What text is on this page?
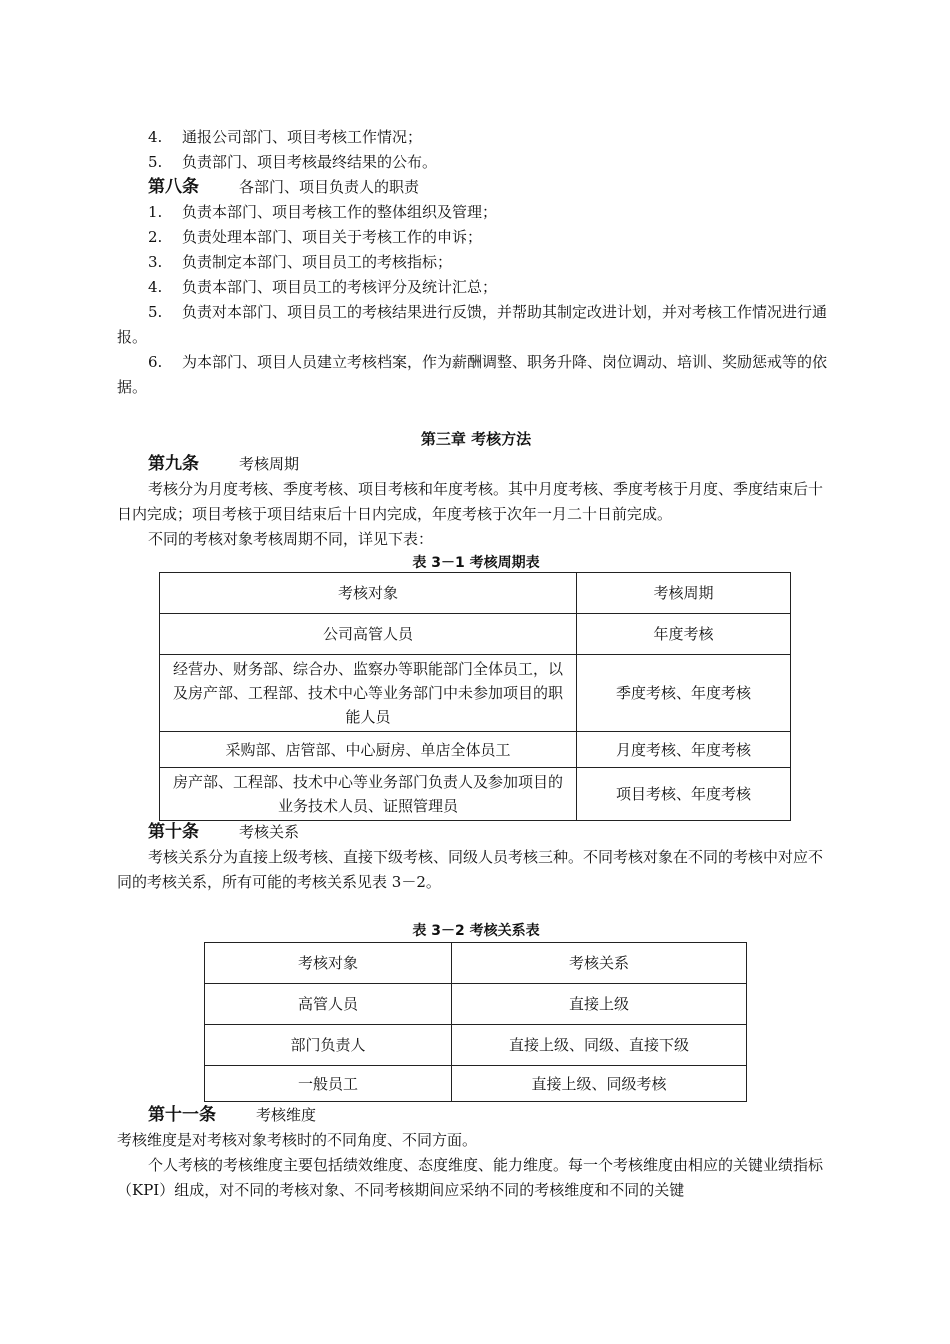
4. 通报公司部门、项目考核工作情况；
5. 负责部门、项目考核最终结果的公布。
第八条	各部门、项目负责人的职责
1. 负责本部门、项目考核工作的整体组织及管理；
2. 负责处理本部门、项目关于考核工作的申诉；
3. 负责制定本部门、项目员工的考核指标；
4. 负责本部门、项目员工的考核评分及统计汇总；
5. 负责对本部门、项目员工的考核结果进行反馈，并帮助其制定改进计划，并对考核工作情况进行通报。
6. 为本部门、项目人员建立考核档案，作为薪酬调整、职务升降、岗位调动、培训、奖励惩戒等的依据。
第三章 考核方法
第九条	考核周期
考核分为月度考核、季度考核、项目考核和年度考核。其中月度考核、季度考核于月度、季度结束后十日内完成；项目考核于项目结束后十日内完成，年度考核于次年一月二十日前完成。
不同的考核对象考核周期不同，详见下表：
表 3－1 考核周期表
考核对象	考核周期
公司高管人员	年度考核
经营办、财务部、综合办、监察办等职能部门全体员工，以及房产部、工程部、技术中心等业务部门中未参加项目的职能人员	季度考核、年度考核
采购部、店管部、中心厨房、单店全体员工	月度考核、年度考核
房产部、工程部、技术中心等业务部门负责人及参加项目的业务技术人员、证照管理员	项目考核、年度考核
第十条	考核关系
考核关系分为直接上级考核、直接下级考核、同级人员考核三种。不同考核对象在不同的考核中对应不同的考核关系，所有可能的考核关系见表 3－2。
表 3－2 考核关系表
考核对象	考核关系
高管人员	直接上级
部门负责人	直接上级、同级、直接下级
一般员工	直接上级、同级考核
第十一条	考核维度
考核维度是对考核对象考核时的不同角度、不同方面。
个人考核的考核维度主要包括绩效维度、态度维度、能力维度。每一个考核维度由相应的关键业绩指标（KPI）组成，对不同的考核对象、不同考核期间应采纳不同的考核维度和不同的关键
